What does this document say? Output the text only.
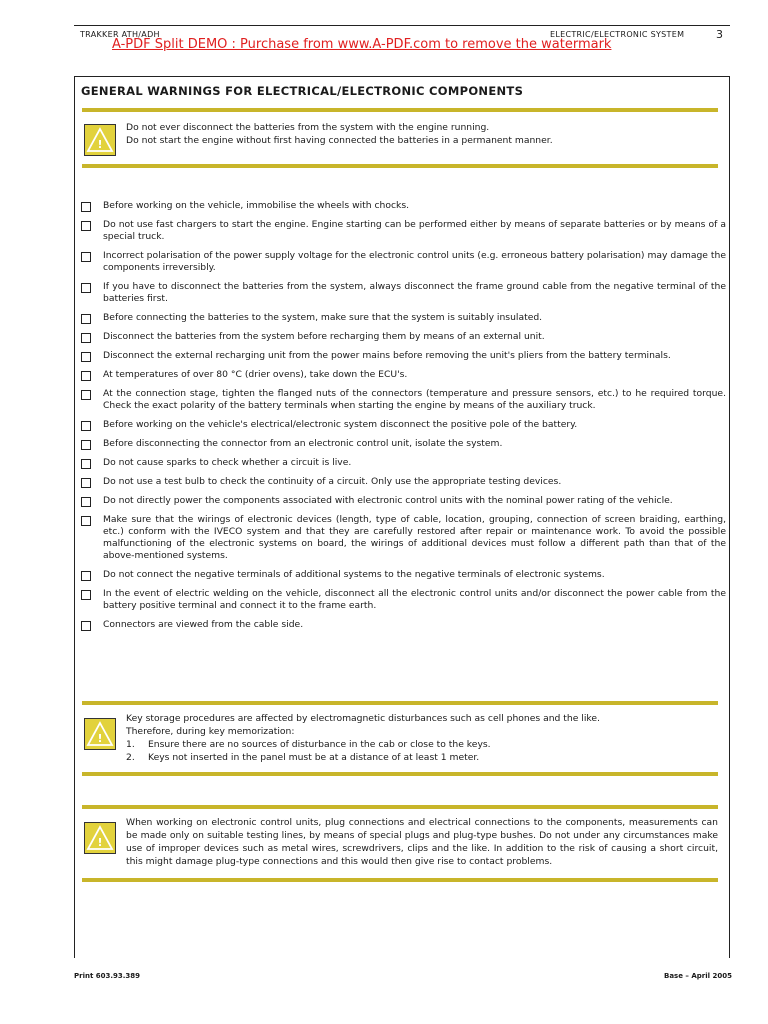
TRAKKER ATH/ADH	ELECTRIC/ELECTRONIC SYSTEM	3
A-PDF Split DEMO : Purchase from www.A-PDF.com to remove the watermark
GENERAL WARNINGS FOR ELECTRICAL/ELECTRONIC COMPONENTS
!

Do not ever disconnect the batteries from the system with the engine running.

Do not start the engine without first having connected the batteries in a permanent manner.

Before working on the vehicle, immobilise the wheels with chocks.
Do not use fast chargers to start the engine. Engine starting can be performed either by means of separate batteries or by means of a special truck.
Incorrect polarisation of the power supply voltage for the electronic control units (e.g. erroneous battery polarisation) may damage the components irreversibly.
If you have to disconnect the batteries from the system, always disconnect the frame ground cable from the negative terminal of the batteries first.
Before connecting the batteries to the system, make sure that the system is suitably insulated.
Disconnect the batteries from the system before recharging them by means of an external unit.
Disconnect the external recharging unit from the power mains before removing the unit's pliers from the battery terminals.
At temperatures of over 80 °C (drier ovens), take down the ECU's.
At the connection stage, tighten the flanged nuts of the connectors (temperature and pressure sensors, etc.) to he required torque. Check the exact polarity of the battery terminals when starting the engine by means of the auxiliary truck.
Before working on the vehicle's electrical/electronic system disconnect the positive pole of the battery.
Before disconnecting the connector from an electronic control unit, isolate the system.
Do not cause sparks to check whether a circuit is live.
Do not use a test bulb to check the continuity of a circuit. Only use the appropriate testing devices.
Do not directly power the components associated with electronic control units with the nominal power rating of the vehicle.
Make sure that the wirings of electronic devices (length, type of cable, location, grouping, connection of screen braiding, earthing, etc.) conform with the IVECO system and that they are carefully restored after repair or maintenance work. To avoid the possible malfunctioning of the electronic systems on board, the wirings of additional devices must follow a different path than that of the above-mentioned systems.
Do not connect the negative terminals of additional systems to the negative terminals of electronic systems.
In the event of electric welding on the vehicle, disconnect all the electronic control units and/or disconnect the power cable from the battery positive terminal and connect it to the frame earth.
Connectors are viewed from the cable side.
!

Key storage procedures are affected by electromagnetic disturbances such as cell phones and the like.

Therefore, during key memorization:

1. Ensure there are no sources of disturbance in the cab or close to the keys.
2. Keys not inserted in the panel must be at a distance of at least 1 meter.
!
When working on electronic control units, plug connections and electrical connections to the components, measurements can be made only on suitable testing lines, by means of special plugs and plug-type bushes. Do not under any circumstances make use of improper devices such as metal wires, screwdrivers, clips and the like. In addition to the risk of causing a short circuit, this might damage plug-type connections and this would then give rise to contact problems.
Print 603.93.389	Base – April 2005
